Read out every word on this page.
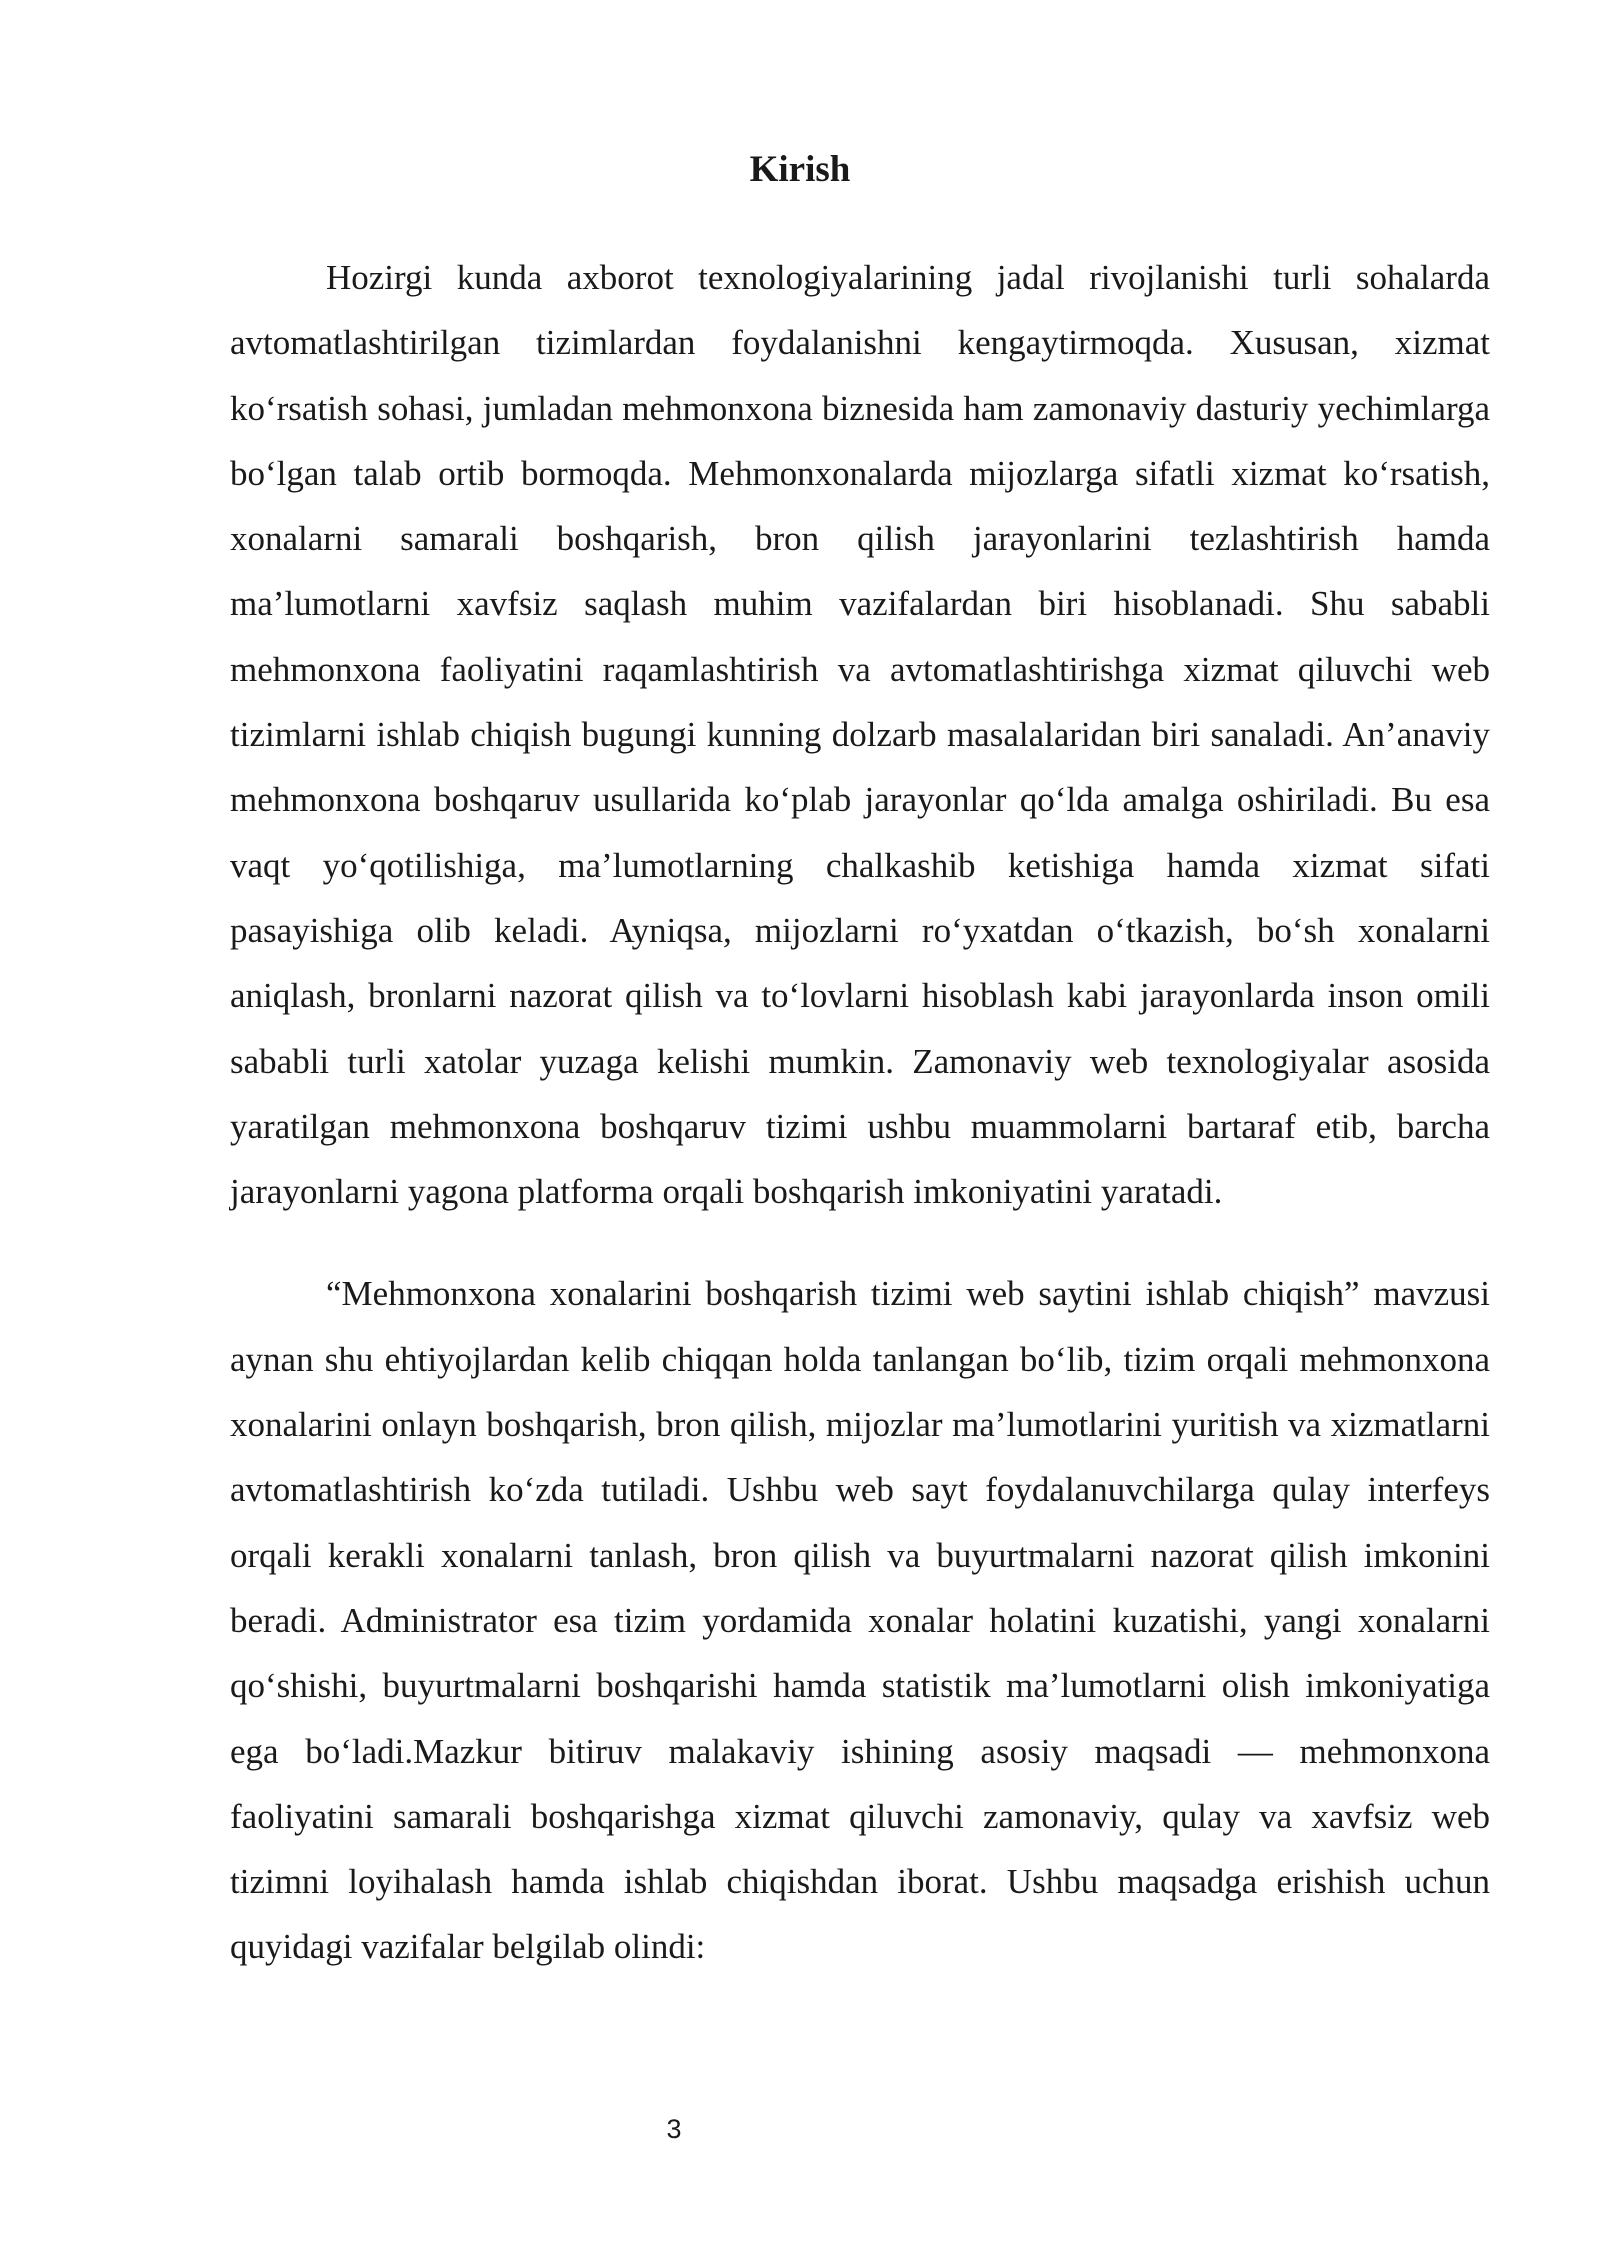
Kirish

Hozirgi kunda axborot texnologiyalarining jadal rivojlanishi turli sohalarda avtomatlashtirilgan tizimlardan foydalanishni kengaytirmoqda. Xususan, xizmat ko‘rsatish sohasi, jumladan mehmonxona biznesida ham zamonaviy dasturiy yechimlarga bo‘lgan talab ortib bormoqda. Mehmonxonalarda mijozlarga sifatli xizmat ko‘rsatish, xonalarni samarali boshqarish, bron qilish jarayonlarini tezlashtirish hamda ma’lumotlarni xavfsiz saqlash muhim vazifalardan biri hisoblanadi. Shu sababli mehmonxona faoliyatini raqamlashtirish va avtomatlashtirishga xizmat qiluvchi web tizimlarni ishlab chiqish bugungi kunning dolzarb masalalaridan biri sanaladi. An’anaviy mehmonxona boshqaruv usullarida ko‘plab jarayonlar qo‘lda amalga oshiriladi. Bu esa vaqt yo‘qotilishiga, ma’lumotlarning chalkashib ketishiga hamda xizmat sifati pasayishiga olib keladi. Ayniqsa, mijozlarni ro‘yxatdan o‘tkazish, bo‘sh xonalarni aniqlash, bronlarni nazorat qilish va to‘lovlarni hisoblash kabi jarayonlarda inson omili sababli turli xatolar yuzaga kelishi mumkin. Zamonaviy web texnologiyalar asosida yaratilgan mehmonxona boshqaruv tizimi ushbu muammolarni bartaraf etib, barcha jarayonlarni yagona platforma orqali boshqarish imkoniyatini yaratadi.

“Mehmonxona xonalarini boshqarish tizimi web saytini ishlab chiqish” mavzusi aynan shu ehtiyojlardan kelib chiqqan holda tanlangan bo‘lib, tizim orqali mehmonxona xonalarini onlayn boshqarish, bron qilish, mijozlar ma’lumotlarini yuritish va xizmatlarni avtomatlashtirish ko‘zda tutiladi. Ushbu web sayt foydalanuvchilarga qulay interfeys orqali kerakli xonalarni tanlash, bron qilish va buyurtmalarni nazorat qilish imkonini beradi. Administrator esa tizim yordamida xonalar holatini kuzatishi, yangi xonalarni qo‘shishi, buyurtmalarni boshqarishi hamda statistik ma’lumotlarni olish imkoniyatiga ega bo‘ladi.Mazkur bitiruv malakaviy ishining asosiy maqsadi — mehmonxona faoliyatini samarali boshqarishga xizmat qiluvchi zamonaviy, qulay va xavfsiz web tizimni loyihalash hamda ishlab chiqishdan iborat. Ushbu maqsadga erishish uchun quyidagi vazifalar belgilab olindi:

3
